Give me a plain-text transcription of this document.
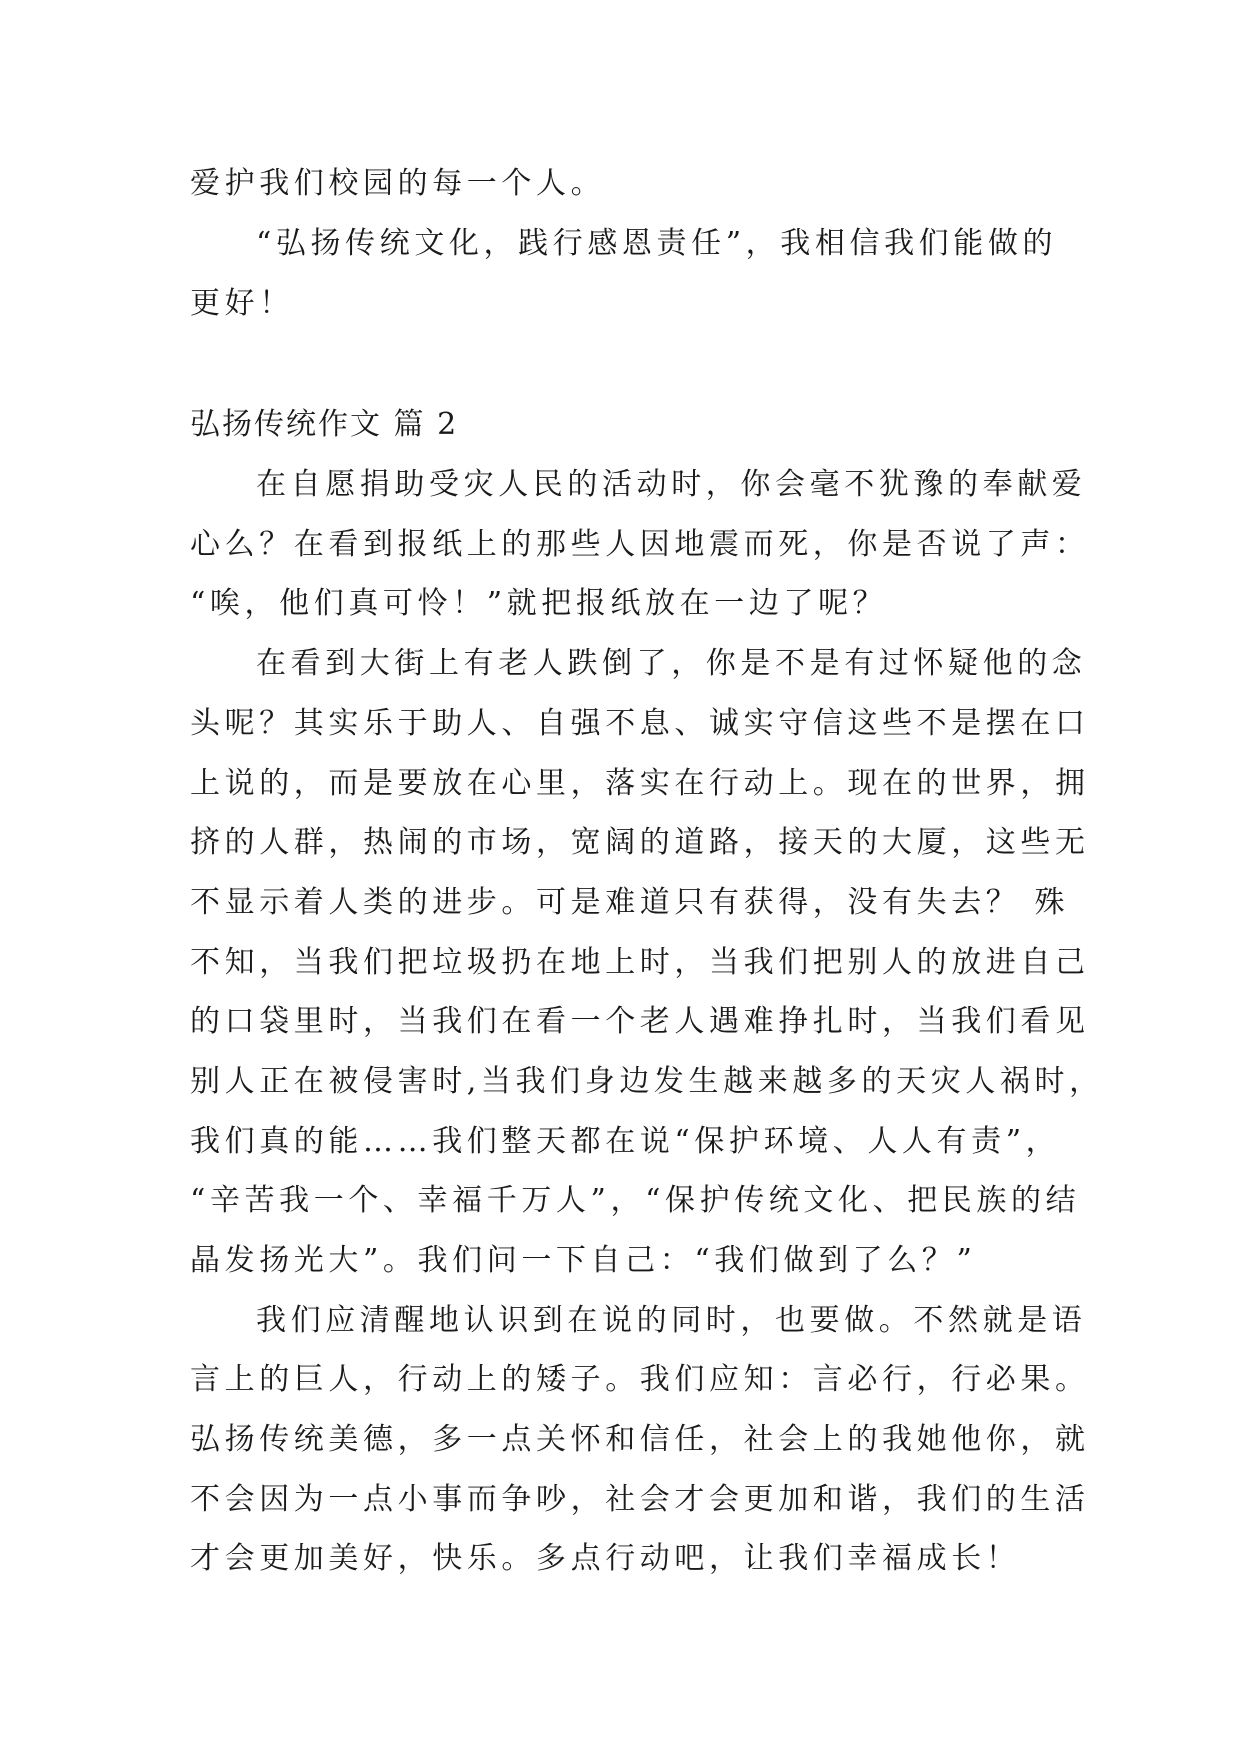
爱护我们校园的每一个人。
“弘扬传统文化，践行感恩责任”，我相信我们能做的
更好！
弘扬传统作文 篇 2
在自愿捐助受灾人民的活动时，你会毫不犹豫的奉献爱
心么？在看到报纸上的那些人因地震而死，你是否说了声：
“唉，他们真可怜！”就把报纸放在一边了呢？
在看到大街上有老人跌倒了，你是不是有过怀疑他的念
头呢？其实乐于助人、自强不息、诚实守信这些不是摆在口
上说的，而是要放在心里，落实在行动上。现在的世界，拥
挤的人群，热闹的市场，宽阔的道路，接天的大厦，这些无
不显示着人类的进步。可是难道只有获得，没有失去？ 殊
不知，当我们把垃圾扔在地上时，当我们把别人的放进自己
的口袋里时，当我们在看一个老人遇难挣扎时，当我们看见
别人正在被侵害时,当我们身边发生越来越多的天灾人祸时，
我们真的能……我们整天都在说“保护环境、人人有责”，
“辛苦我一个、幸福千万人”，“保护传统文化、把民族的结
晶发扬光大”。我们问一下自己：“我们做到了么？”
我们应清醒地认识到在说的同时，也要做。不然就是语
言上的巨人，行动上的矮子。我们应知：言必行，行必果。
弘扬传统美德，多一点关怀和信任，社会上的我她他你，就
不会因为一点小事而争吵，社会才会更加和谐，我们的生活
才会更加美好，快乐。多点行动吧，让我们幸福成长！
